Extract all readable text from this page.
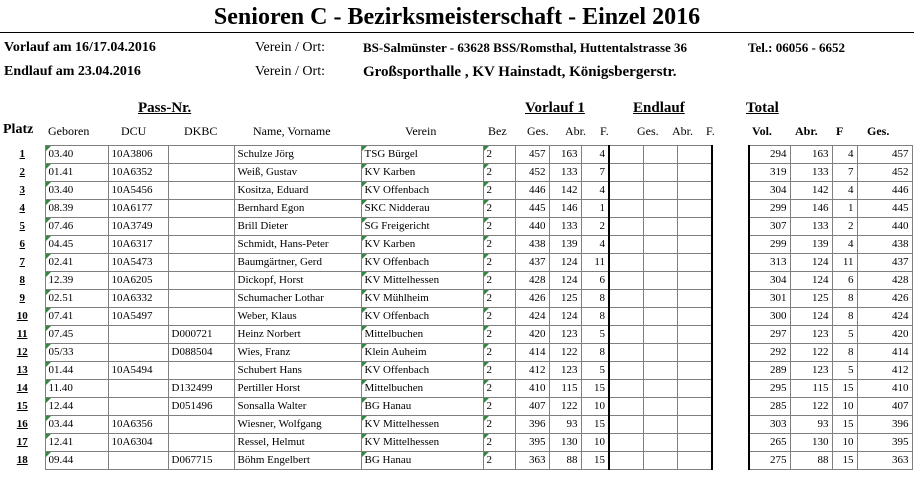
Senioren C - Bezirksmeisterschaft - Einzel 2016
Vorlauf am 16/17.04.2016	Verein / Ort:	BS-Salmünster - 63628 BSS/Romsthal, Huttentalstrasse 36	Tel.: 06056 - 6652
Endlauf am 23.04.2016	Verein / Ort:	Großsporthalle , KV Hainstadt, Königsbergerstr.
Pass-Nr.	Vorlauf 1	Endlauf	Total
Platz Geboren	DCU	DKBC	Name, Vorname	Verein	Bez Ges. Abr. F. Ges. Abr. F.	Vol. Abr. F Ges.
1	03.40	10A3806		Schulze Jörg	TSG Bürgel	2	457	163	4					294	163	4	457
2	01.41	10A6352		Weiß, Gustav	KV Karben	2	452	133	7					319	133	7	452
3	03.40	10A5456		Kositza, Eduard	KV Offenbach	2	446	142	4					304	142	4	446
4	08.39	10A6177		Bernhard Egon	SKC Nidderau	2	445	146	1					299	146	1	445
5	07.46	10A3749		Brill Dieter	SG Freigericht	2	440	133	2					307	133	2	440
6	04.45	10A6317		Schmidt, Hans-Peter	KV Karben	2	438	139	4					299	139	4	438
7	02.41	10A5473		Baumgärtner, Gerd	KV Offenbach	2	437	124	11					313	124	11	437
8	12.39	10A6205		Dickopf, Horst	KV Mittelhessen	2	428	124	6					304	124	6	428
9	02.51	10A6332		Schumacher Lothar	KV Mühlheim	2	426	125	8					301	125	8	426
10	07.41	10A5497		Weber, Klaus	KV Offenbach	2	424	124	8					300	124	8	424
11	07.45		D000721	Heinz Norbert	Mittelbuchen	2	420	123	5					297	123	5	420
12	05/33		D088504	Wies, Franz	Klein Auheim	2	414	122	8					292	122	8	414
13	01.44	10A5494		Schubert Hans	KV Offenbach	2	412	123	5					289	123	5	412
14	11.40		D132499	Pertiller Horst	Mittelbuchen	2	410	115	15					295	115	15	410
15	12.44		D051496	Sonsalla Walter	BG Hanau	2	407	122	10					285	122	10	407
16	03.44	10A6356		Wiesner, Wolfgang	KV Mittelhessen	2	396	93	15					303	93	15	396
17	12.41	10A6304		Ressel, Helmut	KV Mittelhessen	2	395	130	10					265	130	10	395
18	09.44		D067715	Böhm Engelbert	BG Hanau	2	363	88	15					275	88	15	363
